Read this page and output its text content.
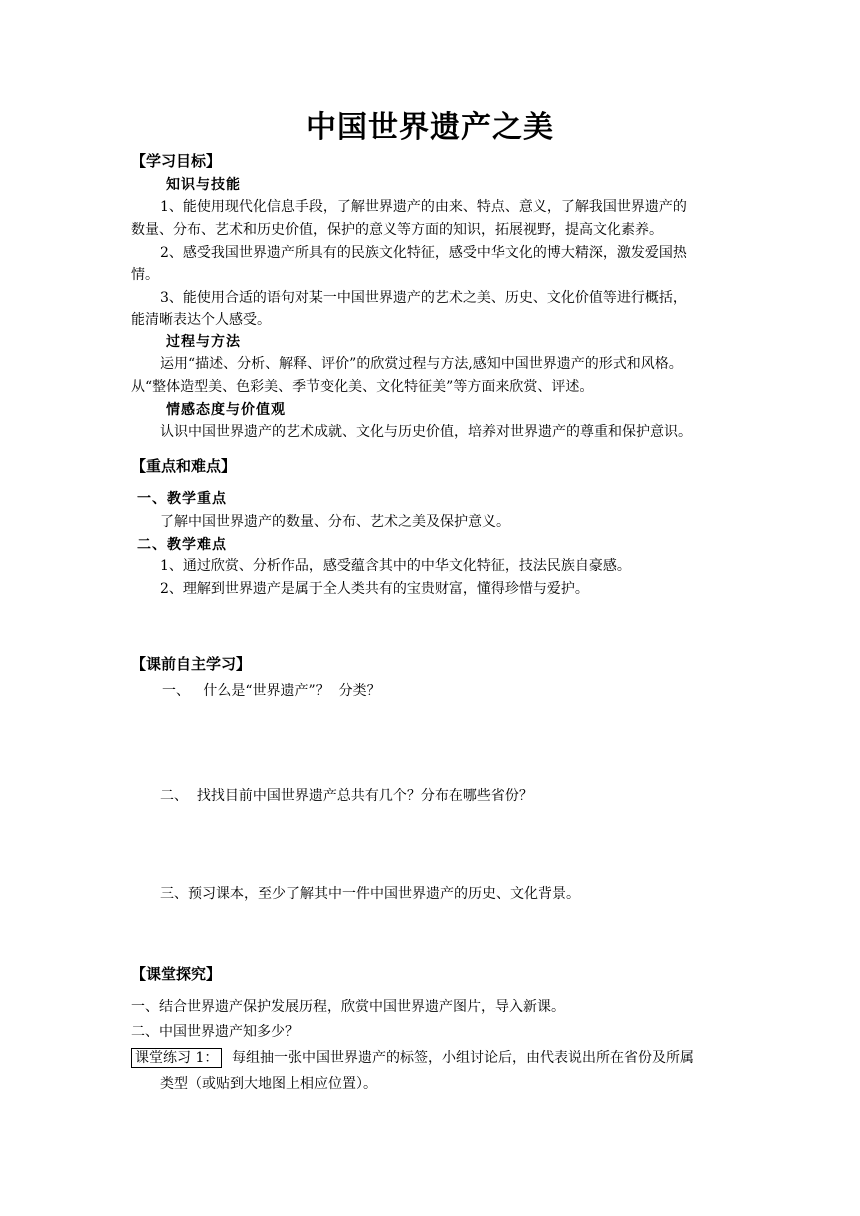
中国世界遗产之美
【学习目标】
知识与技能
1、能使用现代化信息手段，了解世界遗产的由来、特点、意义，了解我国世界遗产的
数量、分布、艺术和历史价值，保护的意义等方面的知识，拓展视野，提高文化素养。
2、感受我国世界遗产所具有的民族文化特征，感受中华文化的博大精深，激发爱国热
情。
3、能使用合适的语句对某一中国世界遗产的艺术之美、历史、文化价值等进行概括，
能清晰表达个人感受。
过程与方法
运用“描述、分析、解释、评价”的欣赏过程与方法,感知中国世界遗产的形式和风格。
从“整体造型美、色彩美、季节变化美、文化特征美”等方面来欣赏、评述。
情感态度与价值观
认识中国世界遗产的艺术成就、文化与历史价值，培养对世界遗产的尊重和保护意识。
【重点和难点】
一、教学重点
了解中国世界遗产的数量、分布、艺术之美及保护意义。
二、教学难点
1、通过欣赏、分析作品，感受蕴含其中的中华文化特征，技法民族自豪感。
2、理解到世界遗产是属于全人类共有的宝贵财富，懂得珍惜与爱护。
【课前自主学习】
一、   什么是“世界遗产”？  分类？
二、  找找目前中国世界遗产总共有几个？分布在哪些省份？
三、预习课本，至少了解其中一件中国世界遗产的历史、文化背景。
【课堂探究】
一、结合世界遗产保护发展历程，欣赏中国世界遗产图片，导入新课。
二、中国世界遗产知多少？
课堂练习 1： 每组抽一张中国世界遗产的标签，小组讨论后，由代表说出所在省份及所属
类型（或贴到大地图上相应位置）。
